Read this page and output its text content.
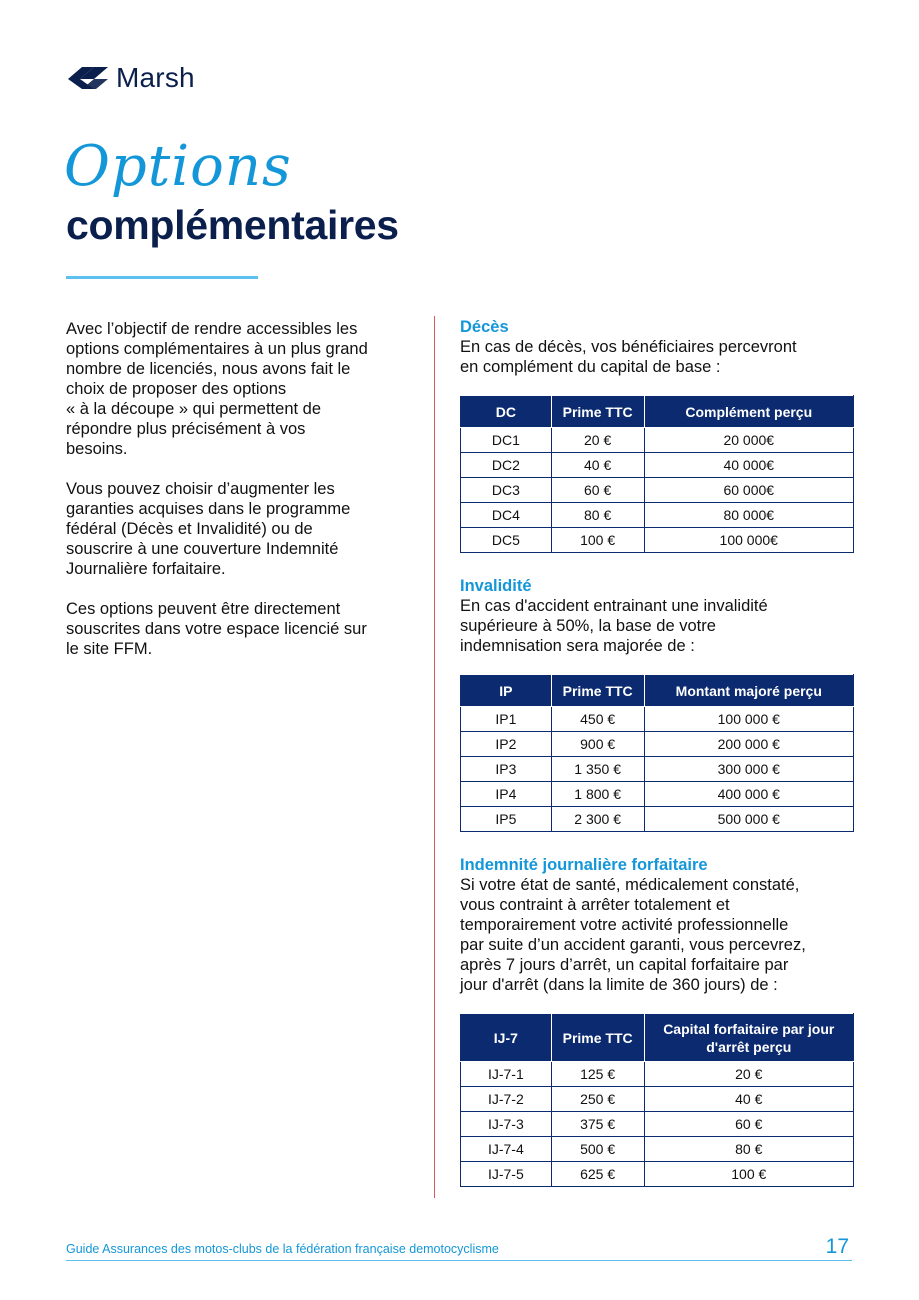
Marsh
Options
complémentaires

Avec l’objectif de rendre accessibles les
options complémentaires à un plus grand
nombre de licenciés, nous avons fait le
choix de proposer des options
« à la découpe » qui permettent de
répondre plus précisément à vos
besoins.

Vous pouvez choisir d’augmenter les
garanties acquises dans le programme
fédéral (Décès et Invalidité) ou de
souscrire à une couverture Indemnité
Journalière forfaitaire.

Ces options peuvent être directement
souscrites dans votre espace licencié sur
le site FFM.

Décès
En cas de décès, vos bénéficiaires percevront
en complément du capital de base :
DC	Prime TTC	Complément perçu
DC1	20 €	20 000€
DC2	40 €	40 000€
DC3	60 €	60 000€
DC4	80 €	80 000€
DC5	100 €	100 000€
Invalidité
En cas d'accident entrainant une invalidité
supérieure à 50%, la base de votre
indemnisation sera majorée de :
IP	Prime TTC	Montant majoré perçu
IP1	450 €	100 000 €
IP2	900 €	200 000 €
IP3	1 350 €	300 000 €
IP4	1 800 €	400 000 €
IP5	2 300 €	500 000 €
Indemnité journalière forfaitaire
Si votre état de santé, médicalement constaté,
vous contraint à arrêter totalement et
temporairement votre activité professionnelle
par suite d’un accident garanti, vous percevrez,
après 7 jours d’arrêt, un capital forfaitaire par
jour d'arrêt (dans la limite de 360 jours) de :
IJ-7	Prime TTC	Capital forfaitaire par jour d'arrêt perçu
IJ-7-1	125 €	20 €
IJ-7-2	250 €	40 €
IJ-7-3	375 €	60 €
IJ-7-4	500 €	80 €
IJ-7-5	625 €	100 €
Guide Assurances des motos-clubs de la fédération française demotocyclisme	17
